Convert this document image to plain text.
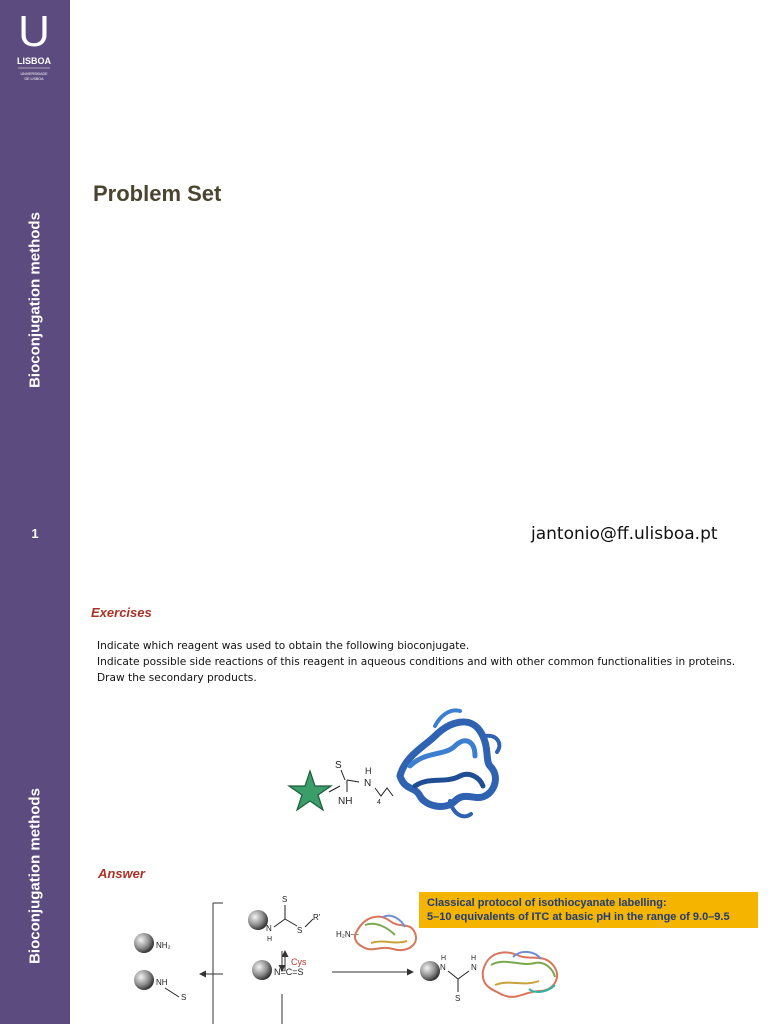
U
LISBOA
UNIVERSIDADE
DE LISBOA
Bioconjugation methods
1
Problem Set
jantonio@ff.ulisboa.pt
Bioconjugation methods
Exercises
Indicate which reagent was used to obtain the following bioconjugate.
Indicate possible side reactions of this reagent in aqueous conditions and with other common functionalities in proteins.
Draw the secondary products.
NH
S	H
N
4
Answer
Classical protocol of isothiocyanate labelling:
5–10 equivalents of ITC at basic pH in the range of 9.0–9.5
N
H
S
S
R'
Cys
NH₂
NH
S
N=C=S
H₂N—
H
N
S
H
N
